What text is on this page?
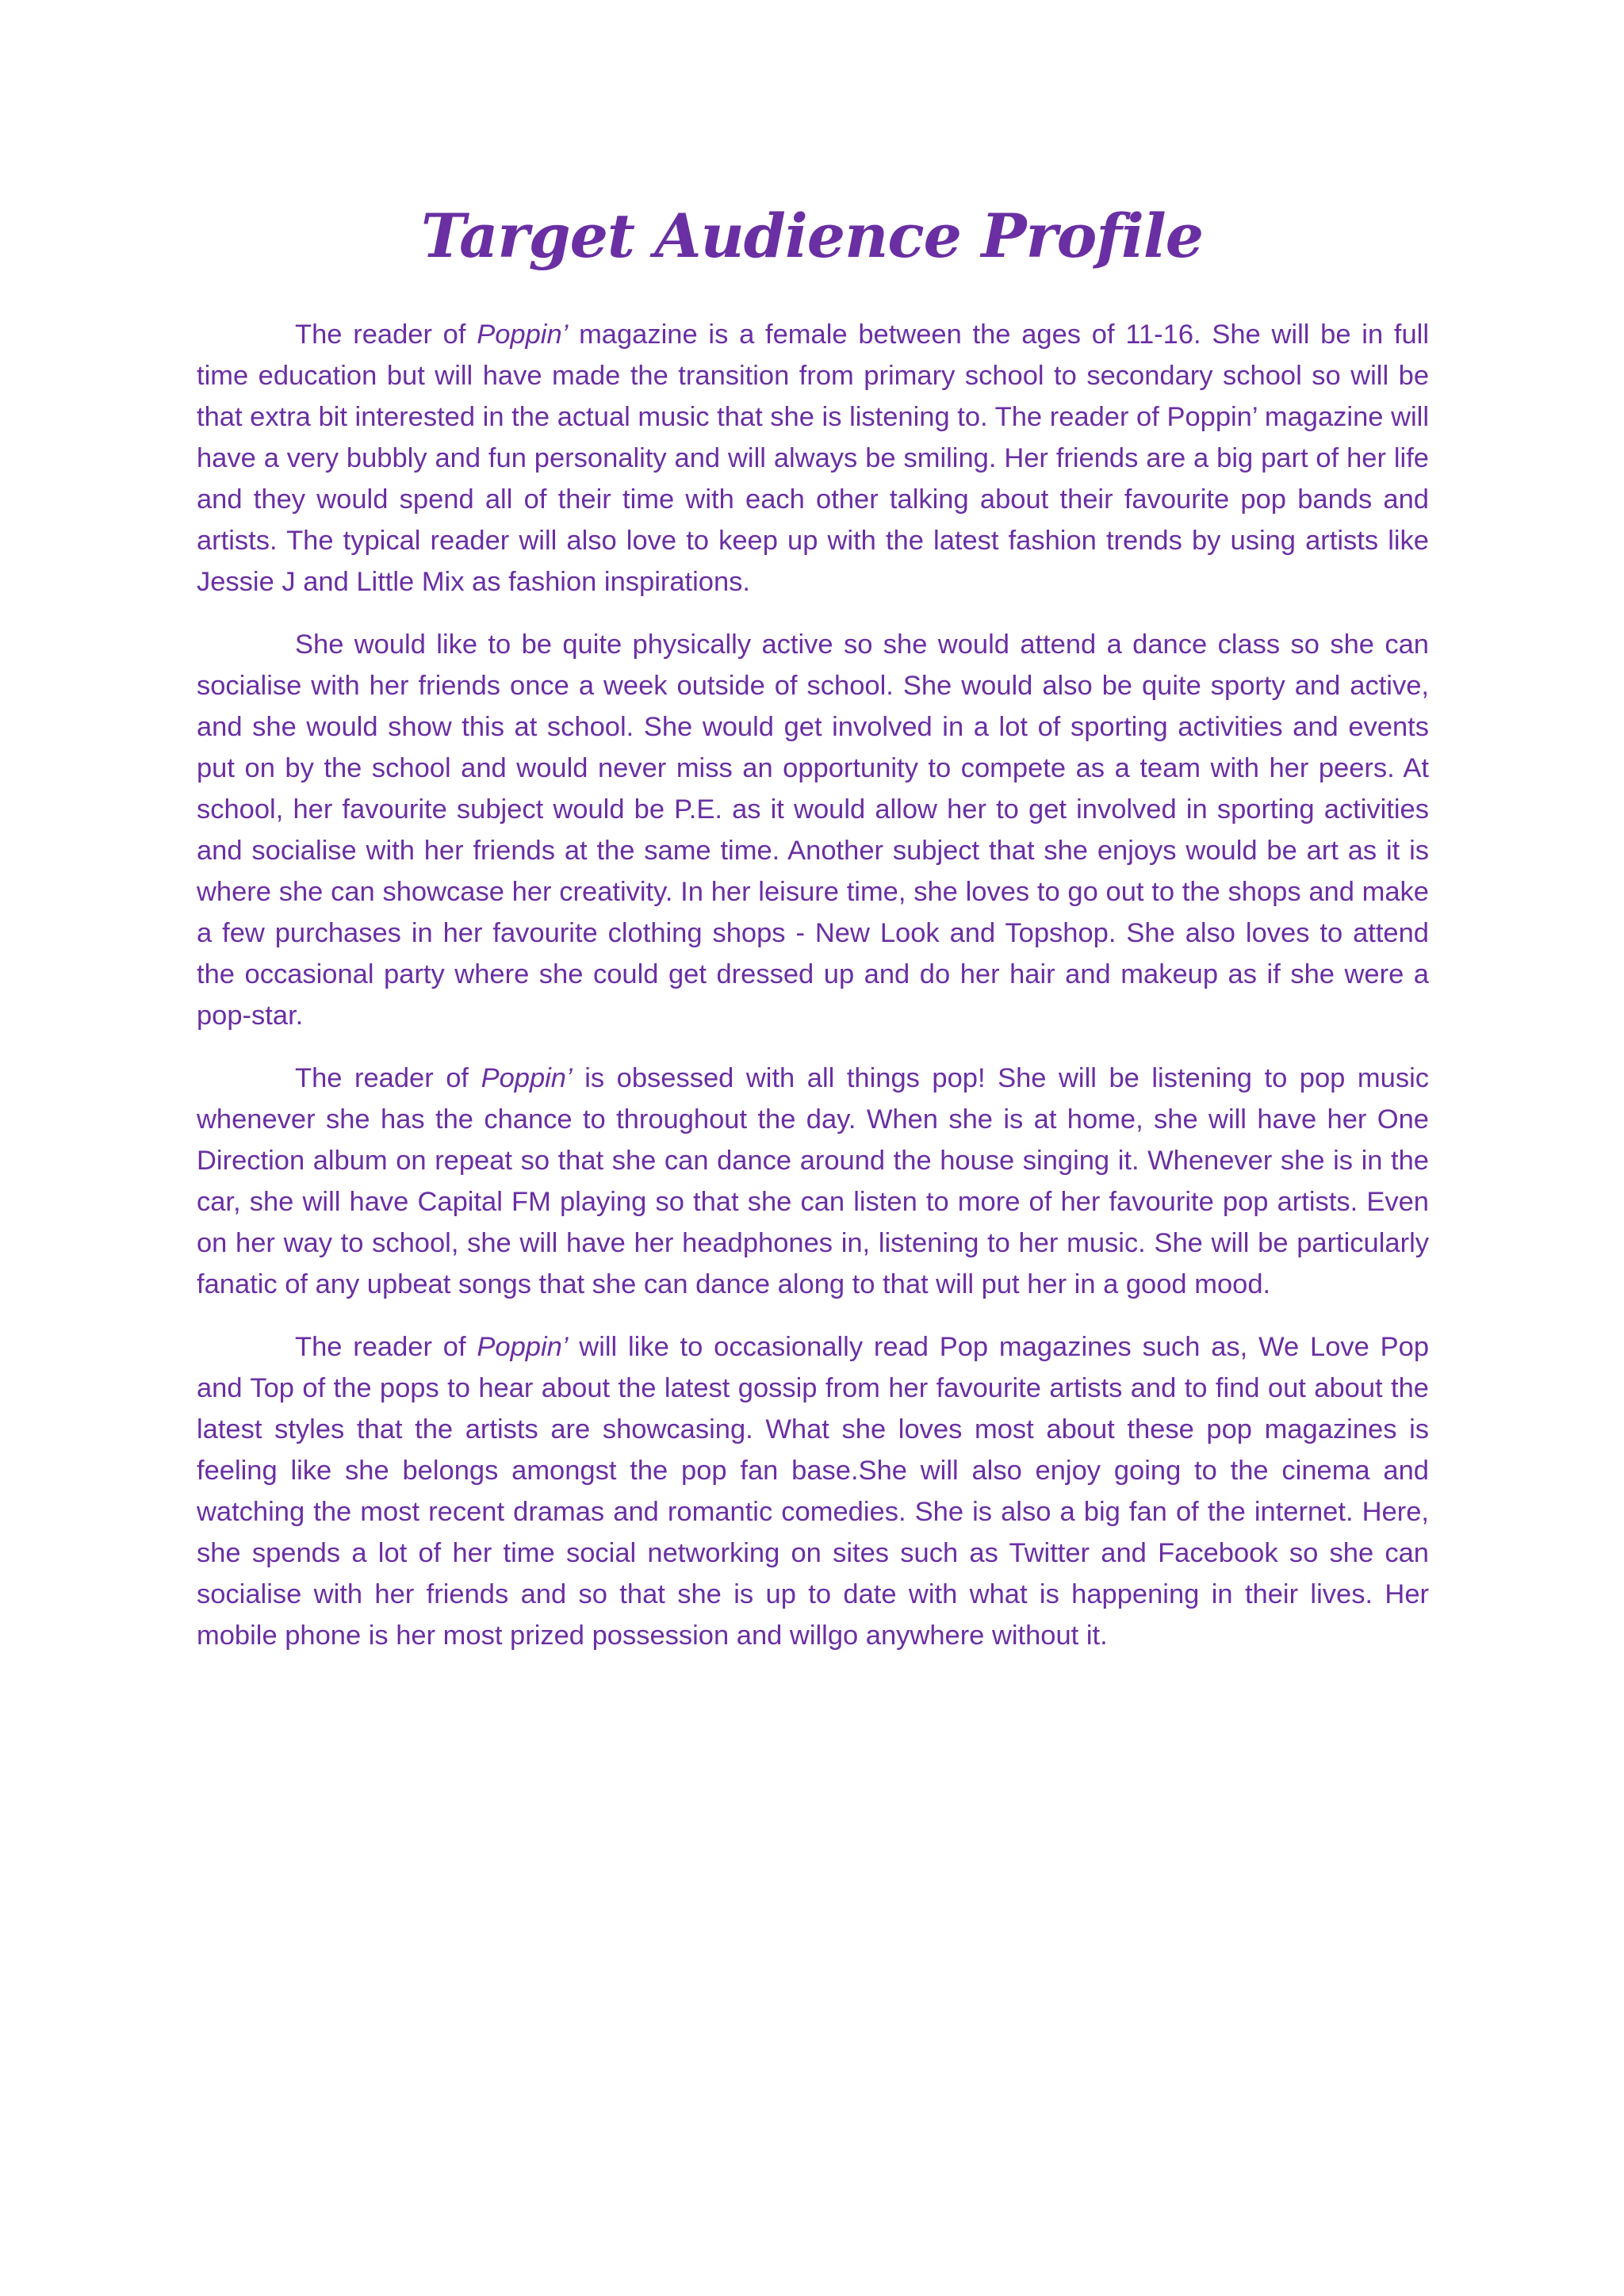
Target Audience Profile

The reader of Poppin’ magazine is a female between the ages of 11-16. She will be in full time education but will have made the transition from primary school to secondary school so will be that extra bit interested in the actual music that she is listening to. The reader of Poppin’ magazine will have a very bubbly and fun personality and will always be smiling. Her friends are a big part of her life and they would spend all of their time with each other talking about their favourite pop bands and artists. The typical reader will also love to keep up with the latest fashion trends by using artists like Jessie J and Little Mix as fashion inspirations.

She would like to be quite physically active so she would attend a dance class so she can socialise with her friends once a week outside of school. She would also be quite sporty and active, and she would show this at school. She would get involved in a lot of sporting activities and events put on by the school and would never miss an opportunity to compete as a team with her peers. At school, her favourite subject would be P.E. as it would allow her to get involved in sporting activities and socialise with her friends at the same time. Another subject that she enjoys would be art as it is where she can showcase her creativity. In her leisure time, she loves to go out to the shops and make a few purchases in her favourite clothing shops - New Look and Topshop. She also loves to attend the occasional party where she could get dressed up and do her hair and makeup as if she were a pop-star.

The reader of Poppin’ is obsessed with all things pop! She will be listening to pop music whenever she has the chance to throughout the day. When she is at home, she will have her One Direction album on repeat so that she can dance around the house singing it. Whenever she is in the car, she will have Capital FM playing so that she can listen to more of her favourite pop artists. Even on her way to school, she will have her headphones in, listening to her music. She will be particularly fanatic of any upbeat songs that she can dance along to that will put her in a good mood.

The reader of Poppin’ will like to occasionally read Pop magazines such as, We Love Pop and Top of the pops to hear about the latest gossip from her favourite artists and to find out about the latest styles that the artists are showcasing. What she loves most about these pop magazines is feeling like she belongs amongst the pop fan base.She will also enjoy going to the cinema and watching the most recent dramas and romantic comedies. She is also a big fan of the internet. Here, she spends a lot of her time social networking on sites such as Twitter and Facebook so she can socialise with her friends and so that she is up to date with what is happening in their lives. Her mobile phone is her most prized possession and willgo anywhere without it.
